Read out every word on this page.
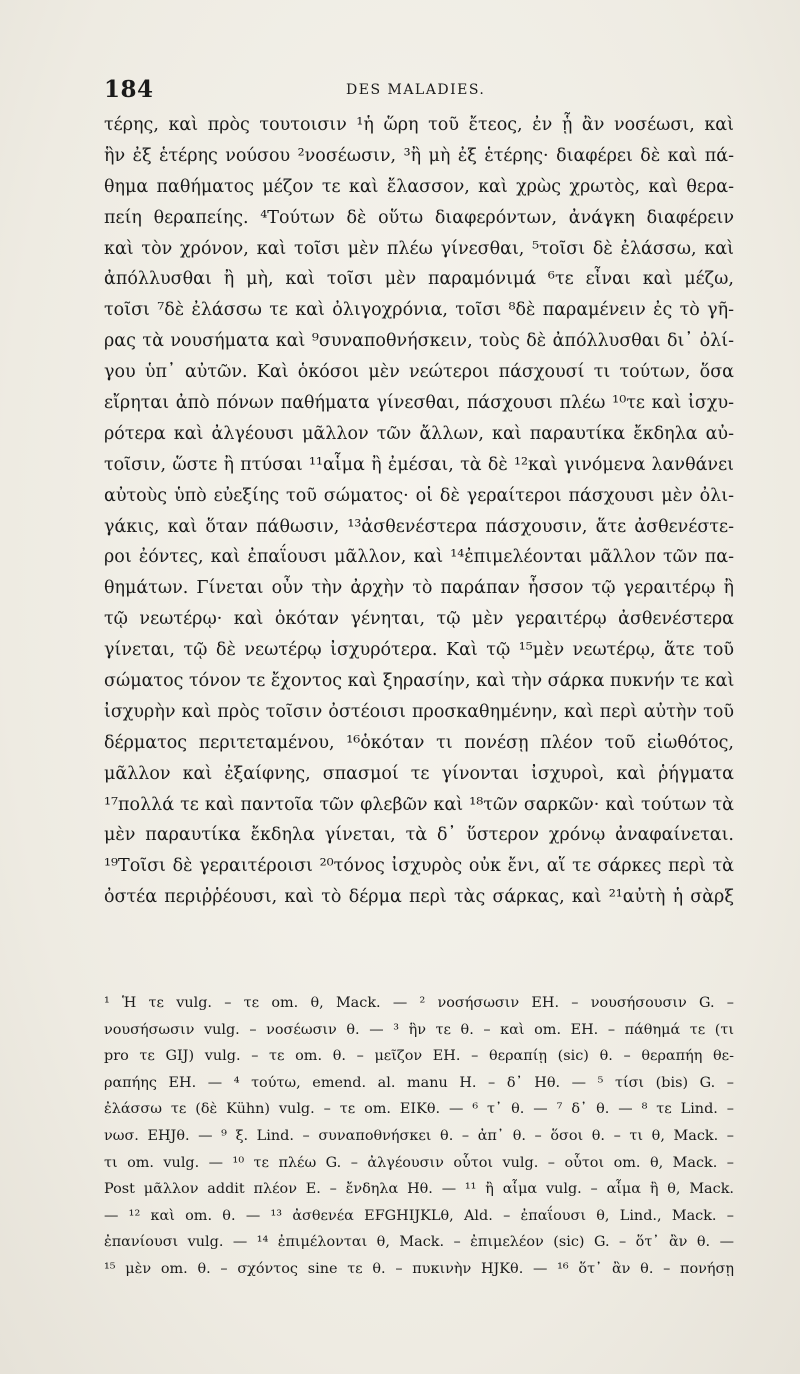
184	DES MALADIES.
τέρης, καὶ πρὸς τουτοισιν ¹ἡ ὥρη τοῦ ἔτεος, ἐν ᾗ ἂν νοσέωσι, καὶ
ἣν ἐξ ἑτέρης νούσου ²νοσέωσιν, ³ἢ μὴ ἐξ ἑτέρης· διαφέρει δὲ καὶ πά-
θημα παθήματος μέζον τε καὶ ἔλασσον, καὶ χρὼς χρωτὸς, καὶ θερα-
πείη θεραπείης. ⁴Τούτων δὲ οὕτω διαφερόντων, ἀνάγκη διαφέρειν
καὶ τὸν χρόνον, καὶ τοῖσι μὲν πλέω γίνεσθαι, ⁵τοῖσι δὲ ἐλάσσω, καὶ
ἀπόλλυσθαι ἢ μὴ, καὶ τοῖσι μὲν παραμόνιμά ⁶τε εἶναι καὶ μέζω,
τοῖσι ⁷δὲ ἐλάσσω τε καὶ ὀλιγοχρόνια, τοῖσι ⁸δὲ παραμένειν ἐς τὸ γῆ-
ρας τὰ νουσήματα καὶ ⁹συναποθνήσκειν, τοὺς δὲ ἀπόλλυσθαι δι᾽ ὀλί-
γου ὑπ᾽ αὐτῶν. Καὶ ὁκόσοι μὲν νεώτεροι πάσχουσί τι τούτων, ὅσα
εἴρηται ἀπὸ πόνων παθήματα γίνεσθαι, πάσχουσι πλέω ¹⁰τε καὶ ἰσχυ-
ρότερα καὶ ἀλγέουσι μᾶλλον τῶν ἄλλων, καὶ παραυτίκα ἔκδηλα αὐ-
τοῖσιν, ὥστε ἢ πτύσαι ¹¹αἷμα ἢ ἐμέσαι, τὰ δὲ ¹²καὶ γινόμενα λανθάνει
αὐτοὺς ὑπὸ εὐεξίης τοῦ σώματος· οἱ δὲ γεραίτεροι πάσχουσι μὲν ὀλι-
γάκις, καὶ ὅταν πάθωσιν, ¹³ἀσθενέστερα πάσχουσιν, ἅτε ἀσθενέστε-
ροι ἐόντες, καὶ ἐπαΐουσι μᾶλλον, καὶ ¹⁴ἐπιμελέονται μᾶλλον τῶν πα-
θημάτων. Γίνεται οὖν τὴν ἀρχὴν τὸ παράπαν ἧσσον τῷ γεραιτέρῳ ἢ
τῷ νεωτέρῳ· καὶ ὁκόταν γένηται, τῷ μὲν γεραιτέρῳ ἀσθενέστερα
γίνεται, τῷ δὲ νεωτέρῳ ἰσχυρότερα. Καὶ τῷ ¹⁵μὲν νεωτέρῳ, ἅτε τοῦ
σώματος τόνον τε ἔχοντος καὶ ξηρασίην, καὶ τὴν σάρκα πυκνήν τε καὶ
ἰσχυρὴν καὶ πρὸς τοῖσιν ὀστέοισι προσκαθημένην, καὶ περὶ αὐτὴν τοῦ
δέρματος περιτεταμένου, ¹⁶ὁκόταν τι πονέσῃ πλέον τοῦ εἰωθότος,
μᾶλλον καὶ ἐξαίφνης, σπασμοί τε γίνονται ἰσχυροὶ, καὶ ῥήγματα
¹⁷πολλά τε καὶ παντοῖα τῶν φλεβῶν καὶ ¹⁸τῶν σαρκῶν· καὶ τούτων τὰ
μὲν παραυτίκα ἔκδηλα γίνεται, τὰ δ᾽ ὕστερον χρόνῳ ἀναφαίνεται.
¹⁹Τοῖσι δὲ γεραιτέροισι ²⁰τόνος ἰσχυρὸς οὐκ ἔνι, αἵ τε σάρκες περὶ τὰ
ὀστέα περιῤῥέουσι, καὶ τὸ δέρμα περὶ τὰς σάρκας, καὶ ²¹αὐτὴ ἡ σὰρξ
¹ Ἡ τε vulg. – τε om. θ, Mack. — ² νοσήσωσιν EH. – νουσήσουσιν G. –
νουσήσωσιν vulg. – νοσέωσιν θ. — ³ ἣν τε θ. – καὶ om. EH. – πάθημά τε (τι
pro τε GIJ) vulg. – τε om. θ. – μεῖζον EH. – θεραπίῃ (sic) θ. – θεραπήη θε-
ραπήης EH. — ⁴ τούτω, emend. al. manu H. – δ᾽ Hθ. — ⁵ τίσι (bis) G. –
ἐλάσσω τε (δὲ Kühn) vulg. – τε om. EIKθ. — ⁶ τ᾽ θ. — ⁷ δ᾽ θ. — ⁸ τε Lind. –
νωσ. EHJθ. — ⁹ ξ. Lind. – συναποθνήσκει θ. – ἀπ᾽ θ. – ὅσοι θ. – τι θ, Mack. –
τι om. vulg. — ¹⁰ τε πλέω G. – ἀλγέουσιν οὗτοι vulg. – οὗτοι om. θ, Mack. –
Post μᾶλλον addit πλέον E. – ἔνδηλα Hθ. — ¹¹ ἢ αἷμα vulg. – αἷμα ἢ θ, Mack.
— ¹² καὶ om. θ. — ¹³ ἀσθενέα EFGHIJKLθ, Ald. – ἐπαΐουσι θ, Lind., Mack. –
ἐπανίουσι vulg. — ¹⁴ ἐπιμέλονται θ, Mack. – ἐπιμελέον (sic) G. – ὅτ᾽ ἂν θ. —
¹⁵ μὲν om. θ. – σχόντος sine τε θ. – πυκινὴν HJKθ. — ¹⁶ ὅτ᾽ ἂν θ. – πονήσῃ
